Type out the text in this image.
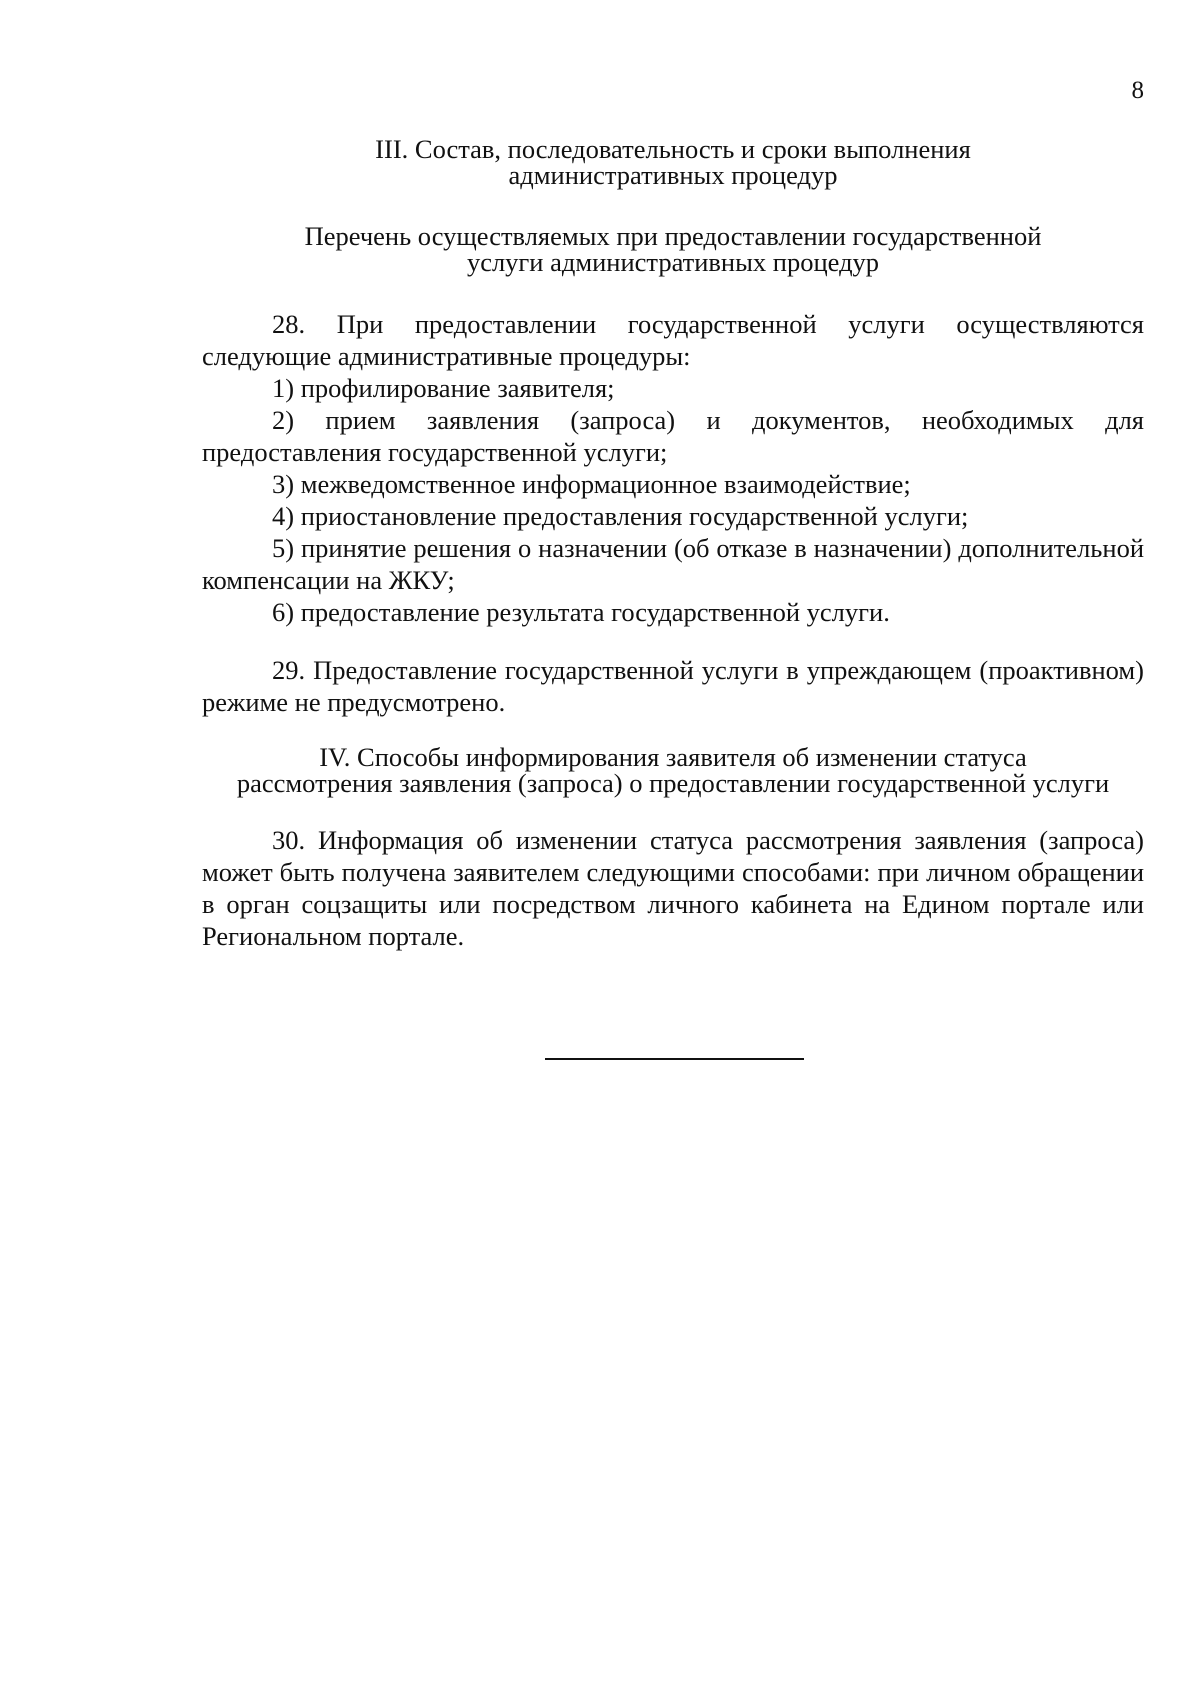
8
III. Состав, последовательность и сроки выполнения
административных процедур
Перечень осуществляемых при предоставлении государственной
услуги административных процедур

28. При предоставлении государственной услуги осуществляются следующие административные процедуры:

1) профилирование заявителя;
2) прием заявления (запроса) и документов, необходимых для предоставления государственной услуги;
3) межведомственное информационное взаимодействие;
4) приостановление предоставления государственной услуги;
5) принятие решения о назначении (об отказе в назначении) дополнительной компенсации на ЖКУ;
6) предоставление результата государственной услуги.

29. Предоставление государственной услуги в упреждающем (проактивном) режиме не предусмотрено.

IV. Способы информирования заявителя об изменении статуса
рассмотрения заявления (запроса) о предоставлении государственной услуги

30. Информация об изменении статуса рассмотрения заявления (запроса) может быть получена заявителем следующими способами: при личном обращении в орган соцзащиты или посредством личного кабинета на Едином портале или Региональном портале.
